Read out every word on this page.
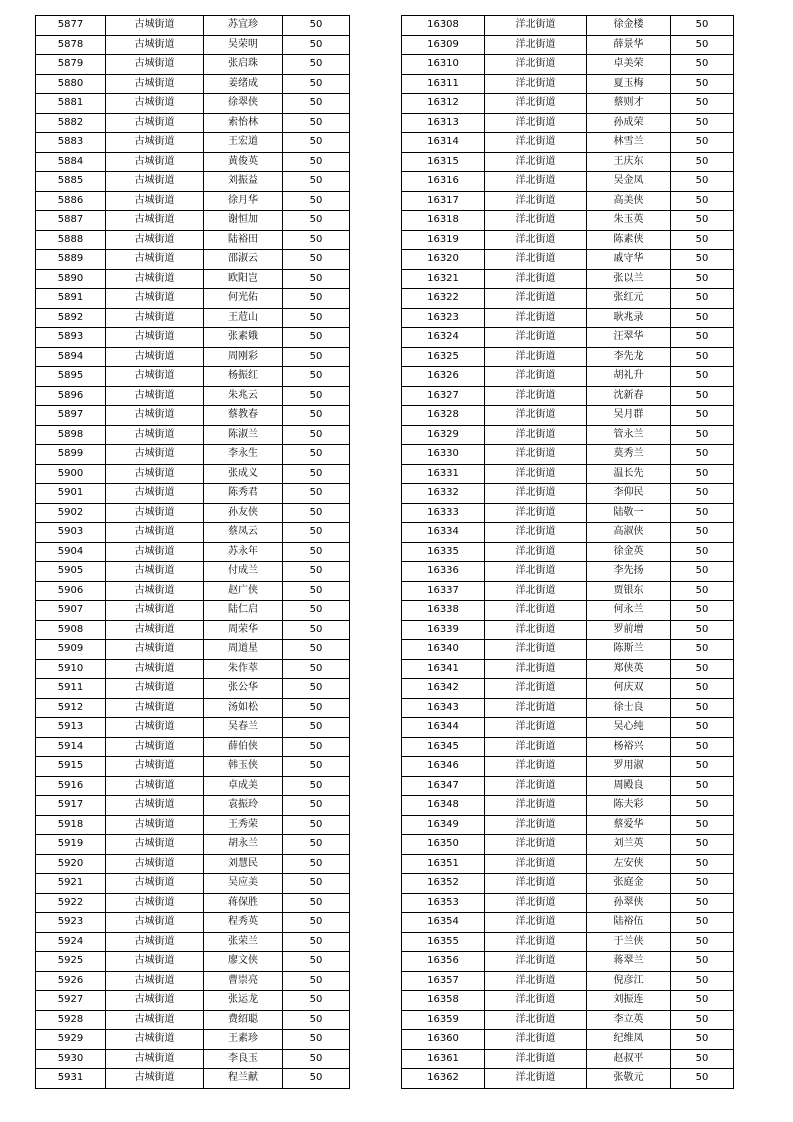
5877	古城街道	苏宜珍	50
5878	古城街道	吴荣明	50
5879	古城街道	张启珠	50
5880	古城街道	姜绪成	50
5881	古城街道	徐翠侠	50
5882	古城街道	索怡林	50
5883	古城街道	王宏道	50
5884	古城街道	黄俊英	50
5885	古城街道	刘振益	50
5886	古城街道	徐月华	50
5887	古城街道	谢恒加	50
5888	古城街道	陆裕田	50
5889	古城街道	邵淑云	50
5890	古城街道	欧阳岂	50
5891	古城街道	何光佑	50
5892	古城街道	王苊山	50
5893	古城街道	张素娥	50
5894	古城街道	周刚彩	50
5895	古城街道	杨振红	50
5896	古城街道	朱兆云	50
5897	古城街道	蔡教春	50
5898	古城街道	陈淑兰	50
5899	古城街道	李永生	50
5900	古城街道	张成义	50
5901	古城街道	陈秀君	50
5902	古城街道	孙友侠	50
5903	古城街道	蔡凤云	50
5904	古城街道	苏永年	50
5905	古城街道	付成兰	50
5906	古城街道	赵广侠	50
5907	古城街道	陆仁启	50
5908	古城街道	周荣华	50
5909	古城街道	周道星	50
5910	古城街道	朱作萃	50
5911	古城街道	张公华	50
5912	古城街道	汤如松	50
5913	古城街道	吴春兰	50
5914	古城街道	薛伯侠	50
5915	古城街道	韩玉侠	50
5916	古城街道	卓成美	50
5917	古城街道	袁振玲	50
5918	古城街道	王秀荣	50
5919	古城街道	胡永兰	50
5920	古城街道	刘慧民	50
5921	古城街道	吴应美	50
5922	古城街道	蒋保胜	50
5923	古城街道	程秀英	50
5924	古城街道	张荣兰	50
5925	古城街道	廖文侠	50
5926	古城街道	曹崇亮	50
5927	古城街道	张运龙	50
5928	古城街道	费绍聪	50
5929	古城街道	王素珍	50
5930	古城街道	李良玉	50
5931	古城街道	程兰献	50
16308	洋北街道	徐金楼	50
16309	洋北街道	薛景华	50
16310	洋北街道	卓美荣	50
16311	洋北街道	夏玉梅	50
16312	洋北街道	蔡则才	50
16313	洋北街道	孙成荣	50
16314	洋北街道	林雪兰	50
16315	洋北街道	王庆东	50
16316	洋北街道	吴金凤	50
16317	洋北街道	高美侠	50
16318	洋北街道	朱玉英	50
16319	洋北街道	陈素侠	50
16320	洋北街道	戚守华	50
16321	洋北街道	张以兰	50
16322	洋北街道	张红元	50
16323	洋北街道	耿兆录	50
16324	洋北街道	汪翠华	50
16325	洋北街道	李先龙	50
16326	洋北街道	胡礼升	50
16327	洋北街道	沈新春	50
16328	洋北街道	吴月群	50
16329	洋北街道	管永兰	50
16330	洋北街道	莫秀兰	50
16331	洋北街道	温长先	50
16332	洋北街道	李仰民	50
16333	洋北街道	陆敬一	50
16334	洋北街道	高淑侠	50
16335	洋北街道	徐金英	50
16336	洋北街道	李先扬	50
16337	洋北街道	贾银东	50
16338	洋北街道	何永兰	50
16339	洋北街道	罗前增	50
16340	洋北街道	陈斯兰	50
16341	洋北街道	郑侠英	50
16342	洋北街道	何庆双	50
16343	洋北街道	徐士良	50
16344	洋北街道	吴心纯	50
16345	洋北街道	杨裕兴	50
16346	洋北街道	罗用淑	50
16347	洋北街道	周殿良	50
16348	洋北街道	陈夫彩	50
16349	洋北街道	蔡爱华	50
16350	洋北街道	刘兰英	50
16351	洋北街道	左安侠	50
16352	洋北街道	张庭金	50
16353	洋北街道	孙翠侠	50
16354	洋北街道	陆裕伍	50
16355	洋北街道	于兰侠	50
16356	洋北街道	蒋翠兰	50
16357	洋北街道	倪彦江	50
16358	洋北街道	刘振连	50
16359	洋北街道	李立英	50
16360	洋北街道	纪维凤	50
16361	洋北街道	赵叔平	50
16362	洋北街道	张敬元	50
